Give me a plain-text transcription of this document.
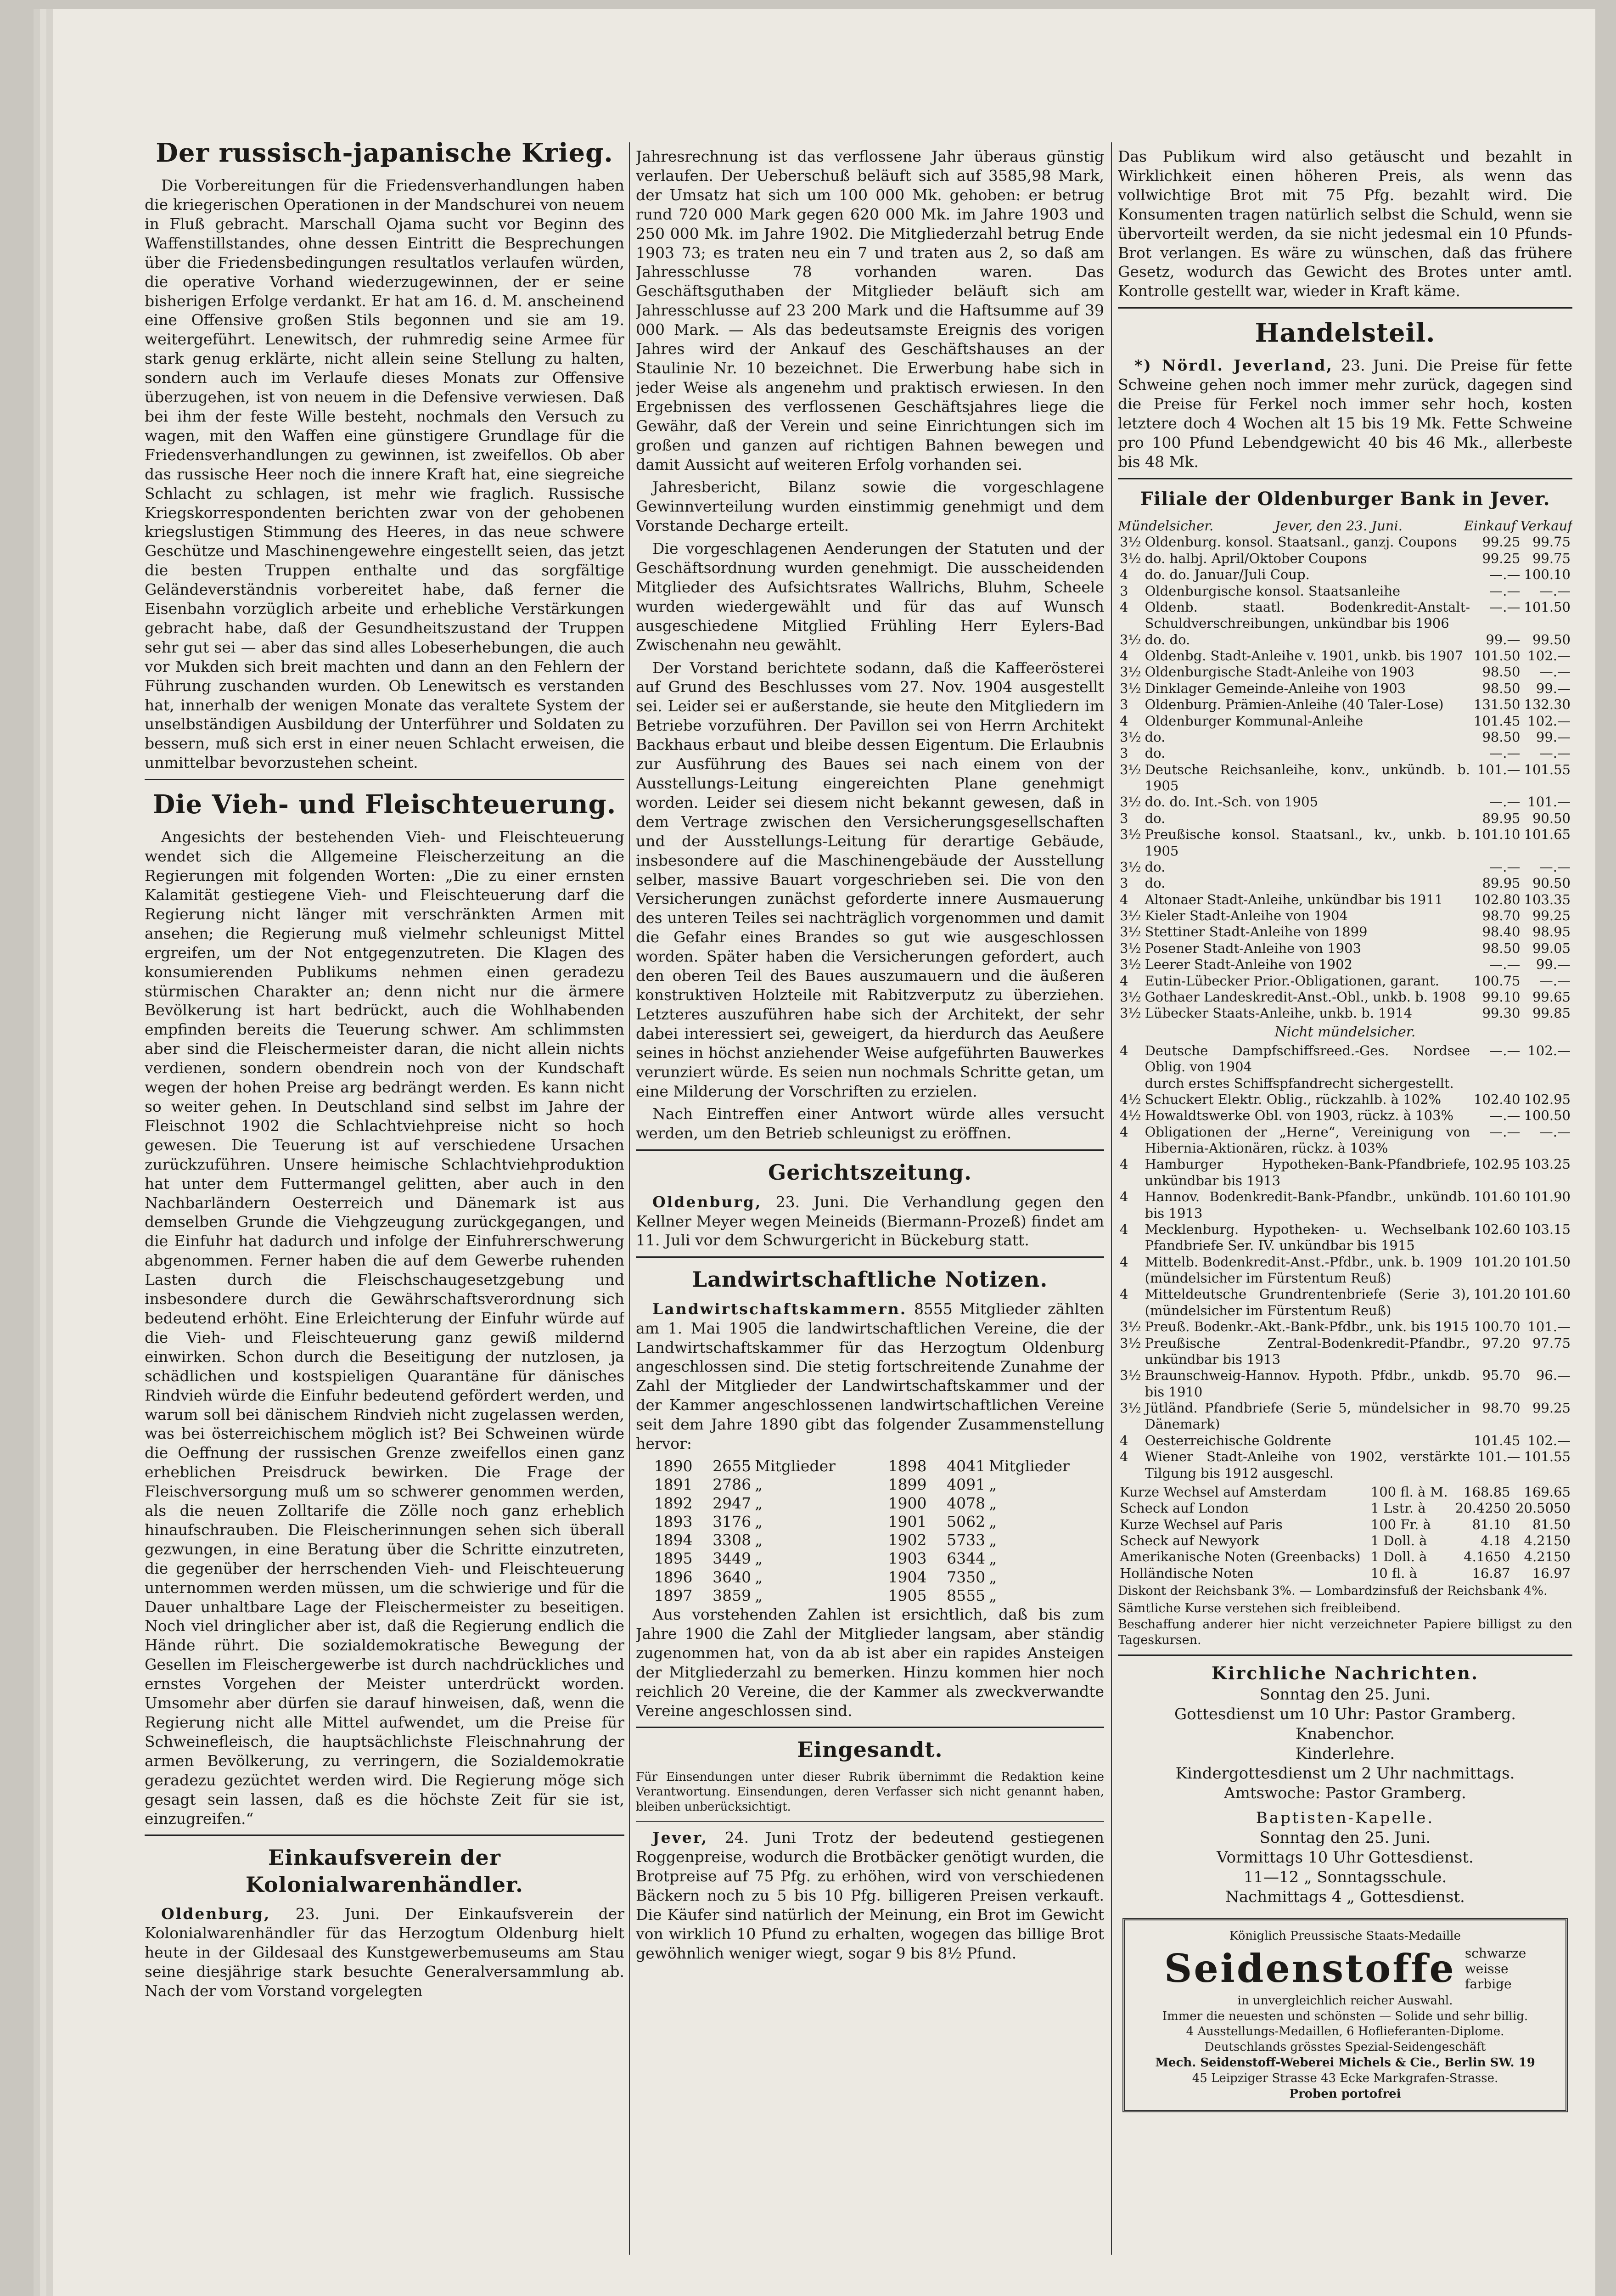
Der russisch-japanische Krieg.

Die Vorbereitungen für die Friedensverhandlungen haben die kriegerischen Operationen in der Mandschurei von neuem in Fluß gebracht. Marschall Ojama sucht vor Beginn des Waffenstillstandes, ohne dessen Eintritt die Besprechungen über die Friedensbedingungen resultatlos verlaufen würden, die operative Vorhand wiederzugewinnen, der er seine bisherigen Erfolge verdankt. Er hat am 16. d. M. anscheinend eine Offensive großen Stils begonnen und sie am 19. weitergeführt. Lenewitsch, der ruhmredig seine Armee für stark genug erklärte, nicht allein seine Stellung zu halten, sondern auch im Verlaufe dieses Monats zur Offensive überzugehen, ist von neuem in die Defensive verwiesen. Daß bei ihm der feste Wille besteht, nochmals den Versuch zu wagen, mit den Waffen eine günstigere Grundlage für die Friedensverhandlungen zu gewinnen, ist zweifellos. Ob aber das russische Heer noch die innere Kraft hat, eine siegreiche Schlacht zu schlagen, ist mehr wie fraglich. Russische Kriegskorrespondenten berichten zwar von der gehobenen kriegslustigen Stimmung des Heeres, in das neue schwere Geschütze und Maschinengewehre eingestellt seien, das jetzt die besten Truppen enthalte und das sorgfältige Geländeverständnis vorbereitet habe, daß ferner die Eisenbahn vorzüglich arbeite und erhebliche Verstärkungen gebracht habe, daß der Gesundheitszustand der Truppen sehr gut sei — aber das sind alles Lobeserhebungen, die auch vor Mukden sich breit machten und dann an den Fehlern der Führung zuschanden wurden. Ob Lenewitsch es verstanden hat, innerhalb der wenigen Monate das veraltete System der unselbständigen Ausbildung der Unterführer und Soldaten zu bessern, muß sich erst in einer neuen Schlacht erweisen, die unmittelbar bevorzustehen scheint.

Die Vieh- und Fleischteuerung.

Angesichts der bestehenden Vieh- und Fleischteuerung wendet sich die Allgemeine Fleischerzeitung an die Regierungen mit folgenden Worten: „Die zu einer ernsten Kalamität gestiegene Vieh- und Fleischteuerung darf die Regierung nicht länger mit verschränkten Armen mit ansehen; die Regierung muß vielmehr schleunigst Mittel ergreifen, um der Not entgegenzutreten. Die Klagen des konsumierenden Publikums nehmen einen geradezu stürmischen Charakter an; denn nicht nur die ärmere Bevölkerung ist hart bedrückt, auch die Wohlhabenden empfinden bereits die Teuerung schwer. Am schlimmsten aber sind die Fleischermeister daran, die nicht allein nichts verdienen, sondern obendrein noch von der Kundschaft wegen der hohen Preise arg bedrängt werden. Es kann nicht so weiter gehen. In Deutschland sind selbst im Jahre der Fleischnot 1902 die Schlachtviehpreise nicht so hoch gewesen. Die Teuerung ist auf verschiedene Ursachen zurückzuführen. Unsere heimische Schlachtviehproduktion hat unter dem Futtermangel gelitten, aber auch in den Nachbarländern Oesterreich und Dänemark ist aus demselben Grunde die Viehgzeugung zurückgegangen, und die Einfuhr hat dadurch und infolge der Einfuhrerschwerung abgenommen. Ferner haben die auf dem Gewerbe ruhenden Lasten durch die Fleischschaugesetzgebung und insbesondere durch die Gewährschaftsverordnung sich bedeutend erhöht. Eine Erleichterung der Einfuhr würde auf die Vieh- und Fleischteuerung ganz gewiß mildernd einwirken. Schon durch die Beseitigung der nutzlosen, ja schädlichen und kostspieligen Quarantäne für dänisches Rindvieh würde die Einfuhr bedeutend gefördert werden, und warum soll bei dänischem Rindvieh nicht zugelassen werden, was bei österreichischem möglich ist? Bei Schweinen würde die Oeffnung der russischen Grenze zweifellos einen ganz erheblichen Preisdruck bewirken. Die Frage der Fleischversorgung muß um so schwerer genommen werden, als die neuen Zolltarife die Zölle noch ganz erheblich hinaufschrauben. Die Fleischerinnungen sehen sich überall gezwungen, in eine Beratung über die Schritte einzutreten, die gegenüber der herrschenden Vieh- und Fleischteuerung unternommen werden müssen, um die schwierige und für die Dauer unhaltbare Lage der Fleischermeister zu beseitigen. Noch viel dringlicher aber ist, daß die Regierung endlich die Hände rührt. Die sozialdemokratische Bewegung der Gesellen im Fleischergewerbe ist durch nachdrückliches und ernstes Vorgehen der Meister unterdrückt worden. Umsomehr aber dürfen sie darauf hinweisen, daß, wenn die Regierung nicht alle Mittel aufwendet, um die Preise für Schweinefleisch, die hauptsächlichste Fleischnahrung der armen Bevölkerung, zu verringern, die Sozialdemokratie geradezu gezüchtet werden wird. Die Regierung möge sich gesagt sein lassen, daß es die höchste Zeit für sie ist, einzugreifen.“

Einkaufsverein der Kolonialwarenhändler.

Oldenburg, 23. Juni. Der Einkaufsverein der Kolonialwarenhändler für das Herzogtum Oldenburg hielt heute in der Gildesaal des Kunstgewerbemuseums am Stau seine diesjährige stark besuchte Generalversammlung ab. Nach der vom Vorstand vorgelegten

Jahresrechnung ist das verflossene Jahr überaus günstig verlaufen. Der Ueberschuß beläuft sich auf 3585,98 Mark, der Umsatz hat sich um 100 000 Mk. gehoben: er betrug rund 720 000 Mark gegen 620 000 Mk. im Jahre 1903 und 250 000 Mk. im Jahre 1902. Die Mitgliederzahl betrug Ende 1903 73; es traten neu ein 7 und traten aus 2, so daß am Jahresschlusse 78 vorhanden waren. Das Geschäftsguthaben der Mitglieder beläuft sich am Jahresschlusse auf 23 200 Mark und die Haftsumme auf 39 000 Mark. — Als das bedeutsamste Ereignis des vorigen Jahres wird der Ankauf des Geschäftshauses an der Staulinie Nr. 10 bezeichnet. Die Erwerbung habe sich in jeder Weise als angenehm und praktisch erwiesen. In den Ergebnissen des verflossenen Geschäftsjahres liege die Gewähr, daß der Verein und seine Einrichtungen sich im großen und ganzen auf richtigen Bahnen bewegen und damit Aussicht auf weiteren Erfolg vorhanden sei.

Jahresbericht, Bilanz sowie die vorgeschlagene Gewinnverteilung wurden einstimmig genehmigt und dem Vorstande Decharge erteilt.

Die vorgeschlagenen Aenderungen der Statuten und der Geschäftsordnung wurden genehmigt. Die ausscheidenden Mitglieder des Aufsichtsrates Wallrichs, Bluhm, Scheele wurden wiedergewählt und für das auf Wunsch ausgeschiedene Mitglied Frühling Herr Eylers-Bad Zwischenahn neu gewählt.

Der Vorstand berichtete sodann, daß die Kaffeerösterei auf Grund des Beschlusses vom 27. Nov. 1904 ausgestellt sei. Leider sei er außerstande, sie heute den Mitgliedern im Betriebe vorzuführen. Der Pavillon sei von Herrn Architekt Backhaus erbaut und bleibe dessen Eigentum. Die Erlaubnis zur Ausführung des Baues sei nach einem von der Ausstellungs-Leitung eingereichten Plane genehmigt worden. Leider sei diesem nicht bekannt gewesen, daß in dem Vertrage zwischen den Versicherungsgesellschaften und der Ausstellungs-Leitung für derartige Gebäude, insbesondere auf die Maschinengebäude der Ausstellung selber, massive Bauart vorgeschrieben sei. Die von den Versicherungen zunächst geforderte innere Ausmauerung des unteren Teiles sei nachträglich vorgenommen und damit die Gefahr eines Brandes so gut wie ausgeschlossen worden. Später haben die Versicherungen gefordert, auch den oberen Teil des Baues auszumauern und die äußeren konstruktiven Holzteile mit Rabitzverputz zu überziehen. Letzteres auszuführen habe sich der Architekt, der sehr dabei interessiert sei, geweigert, da hierdurch das Aeußere seines in höchst anziehender Weise aufgeführten Bauwerkes verunziert würde. Es seien nun nochmals Schritte getan, um eine Milderung der Vorschriften zu erzielen.

Nach Eintreffen einer Antwort würde alles versucht werden, um den Betrieb schleunigst zu eröffnen.

Gerichtszeitung.

Oldenburg, 23. Juni. Die Verhandlung gegen den Kellner Meyer wegen Meineids (Biermann-Prozeß) findet am 11. Juli vor dem Schwurgericht in Bückeburg statt.

Landwirtschaftliche Notizen.

Landwirtschaftskammern. 8555 Mitglieder zählten am 1. Mai 1905 die landwirtschaftlichen Vereine, die der Landwirtschaftskammer für das Herzogtum Oldenburg angeschlossen sind. Die stetig fortschreitende Zunahme der Zahl der Mitglieder der Landwirtschaftskammer und der der Kammer angeschlossenen landwirtschaftlichen Vereine seit dem Jahre 1890 gibt das folgender Zusammenstellung hervor:

1890	2655	Mitglieder	1898	4041	Mitglieder
1891	2786	„	1899	4091	„
1892	2947	„	1900	4078	„
1893	3176	„	1901	5062	„
1894	3308	„	1902	5733	„
1895	3449	„	1903	6344	„
1896	3640	„	1904	7350	„
1897	3859	„	1905	8555	„

Aus vorstehenden Zahlen ist ersichtlich, daß bis zum Jahre 1900 die Zahl der Mitglieder langsam, aber ständig zugenommen hat, von da ab ist aber ein rapides Ansteigen der Mitgliederzahl zu bemerken. Hinzu kommen hier noch reichlich 20 Vereine, die der Kammer als zweckverwandte Vereine angeschlossen sind.

Eingesandt.

Für Einsendungen unter dieser Rubrik übernimmt die Redaktion keine Verantwortung. Einsendungen, deren Verfasser sich nicht genannt haben, bleiben unberücksichtigt.

Jever, 24. Juni Trotz der bedeutend gestiegenen Roggenpreise, wodurch die Brotbäcker genötigt wurden, die Brotpreise auf 75 Pfg. zu erhöhen, wird von verschiedenen Bäckern noch zu 5 bis 10 Pfg. billigeren Preisen verkauft. Die Käufer sind natürlich der Meinung, ein Brot im Gewicht von wirklich 10 Pfund zu erhalten, wogegen das billige Brot gewöhnlich weniger wiegt, sogar 9 bis 8½ Pfund.

Das Publikum wird also getäuscht und bezahlt in Wirklichkeit einen höheren Preis, als wenn das vollwichtige Brot mit 75 Pfg. bezahlt wird. Die Konsumenten tragen natürlich selbst die Schuld, wenn sie übervorteilt werden, da sie nicht jedesmal ein 10 Pfunds-Brot verlangen. Es wäre zu wünschen, daß das frühere Gesetz, wodurch das Gewicht des Brotes unter amtl. Kontrolle gestellt war, wieder in Kraft käme.

Handelsteil.

*) Nördl. Jeverland, 23. Juni. Die Preise für fette Schweine gehen noch immer mehr zurück, dagegen sind die Preise für Ferkel noch immer sehr hoch, kosten letztere doch 4 Wochen alt 15 bis 19 Mk. Fette Schweine pro 100 Pfund Lebendgewicht 40 bis 46 Mk., allerbeste bis 48 Mk.

Filiale der Oldenburger Bank in Jever.
Mündelsicher.	Jever, den 23. Juni.	Einkauf Verkauf
3½	Oldenburg. konsol. Staatsanl., ganzj. Coupons	99.25	99.75
3½	do. halbj. April/Oktober Coupons	99.25	99.75
4	do. do. Januar/Juli Coup.	—.—	100.10
3	Oldenburgische konsol. Staatsanleihe	—.—	—.—
4	Oldenb. staatl. Bodenkredit-Anstalt-Schuldverschreibungen, unkündbar bis 1906	—.—	101.50
3½	do. do.	99.—	99.50
4	Oldenbg. Stadt-Anleihe v. 1901, unkb. bis 1907	101.50	102.—
3½	Oldenburgische Stadt-Anleihe von 1903	98.50	—.—
3½	Dinklager Gemeinde-Anleihe von 1903	98.50	99.—
3	Oldenburg. Prämien-Anleihe (40 Taler-Lose)	131.50	132.30
4	Oldenburger Kommunal-Anleihe	101.45	102.—
3½	do.	98.50	99.—
3	do.	—.—	—.—
3½	Deutsche Reichsanleihe, konv., unkündb. b. 1905	101.—	101.55
3½	do. do. Int.-Sch. von 1905	—.—	101.—
3	do.	89.95	90.50
3½	Preußische konsol. Staatsanl., kv., unkb. b. 1905	101.10	101.65
3½	do.	—.—	—.—
3	do.	89.95	90.50
4	Altonaer Stadt-Anleihe, unkündbar bis 1911	102.80	103.35
3½	Kieler Stadt-Anleihe von 1904	98.70	99.25
3½	Stettiner Stadt-Anleihe von 1899	98.40	98.95
3½	Posener Stadt-Anleihe von 1903	98.50	99.05
3½	Leerer Stadt-Anleihe von 1902	—.—	99.—
4	Eutin-Lübecker Prior.-Obligationen, garant.	100.75	—.—
3½	Gothaer Landeskredit-Anst.-Obl., unkb. b. 1908	99.10	99.65
3½	Lübecker Staats-Anleihe, unkb. b. 1914	99.30	99.85

Nicht mündelsicher.

4	Deutsche Dampfschiffsreed.-Ges. Nordsee Oblig. von 1904	—.—	102.—
	durch erstes Schiffspfandrecht sichergestellt.		
4½	Schuckert Elektr. Oblig., rückzahlb. à 102%	102.40	102.95
4½	Howaldtswerke Obl. von 1903, rückz. à 103%	—.—	100.50
4	Obligationen der „Herne“, Vereinigung von Hibernia-Aktionären, rückz. à 103%	—.—	—.—
4	Hamburger Hypotheken-Bank-Pfandbriefe, unkündbar bis 1913	102.95	103.25
4	Hannov. Bodenkredit-Bank-Pfandbr., unkündb. bis 1913	101.60	101.90
4	Mecklenburg. Hypotheken- u. Wechselbank Pfandbriefe Ser. IV. unkündbar bis 1915	102.60	103.15
4	Mittelb. Bodenkredit-Anst.-Pfdbr., unk. b. 1909	101.20	101.50
	(mündelsicher im Fürstentum Reuß)		
4	Mitteldeutsche Grundrentenbriefe (Serie 3), (mündelsicher im Fürstentum Reuß)	101.20	101.60
3½	Preuß. Bodenkr.-Akt.-Bank-Pfdbr., unk. bis 1915	100.70	101.—
3½	Preußische Zentral-Bodenkredit-Pfandbr., unkündbar bis 1913	97.20	97.75
3½	Braunschweig-Hannov. Hypoth. Pfdbr., unkdb. bis 1910	95.70	96.—
3½	Jütländ. Pfandbriefe (Serie 5, mündelsicher in Dänemark)	98.70	99.25
4	Oesterreichische Goldrente	101.45	102.—
4	Wiener Stadt-Anleihe von 1902, verstärkte Tilgung bis 1912 ausgeschl.	101.—	101.55
Kurze Wechsel auf Amsterdam	100 fl. à M.	168.85	169.65
Scheck auf London	1 Lstr. à	20.4250	20.5050
Kurze Wechsel auf Paris	100 Fr. à	81.10	81.50
Scheck auf Newyork	1 Doll. à	4.18	4.2150
Amerikanische Noten (Greenbacks)	1 Doll. à	4.1650	4.2150
Holländische Noten	10 fl. à	16.87	16.97

Diskont der Reichsbank 3%. — Lombardzinsfuß der Reichsbank 4%.

Sämtliche Kurse verstehen sich freibleibend.

Beschaffung anderer hier nicht verzeichneter Papiere billigst zu den Tageskursen.

Kirchliche Nachrichten.

Sonntag den 25. Juni.

Gottesdienst um 10 Uhr: Pastor Gramberg.

Knabenchor.

Kinderlehre.

Kindergottesdienst um 2 Uhr nachmittags.

Amtswoche: Pastor Gramberg.

Baptisten-Kapelle.

Sonntag den 25. Juni.

Vormittags 10 Uhr Gottesdienst.

11—12 „ Sonntagsschule.

Nachmittags 4 „ Gottesdienst.

Königlich Preussische Staats-Medaille
Seidenstoffe schwarze
weisse
farbige
in unvergleichlich reicher Auswahl.
Immer die neuesten und schönsten — Solide und sehr billig.
4 Ausstellungs-Medaillen, 6 Hoflieferanten-Diplome.
Deutschlands grösstes Spezial-Seidengeschäft
Mech. Seidenstoff-Weberei Michels & Cie., Berlin SW. 19
45 Leipziger Strasse 43 Ecke Markgrafen-Strasse.
Proben portofrei
